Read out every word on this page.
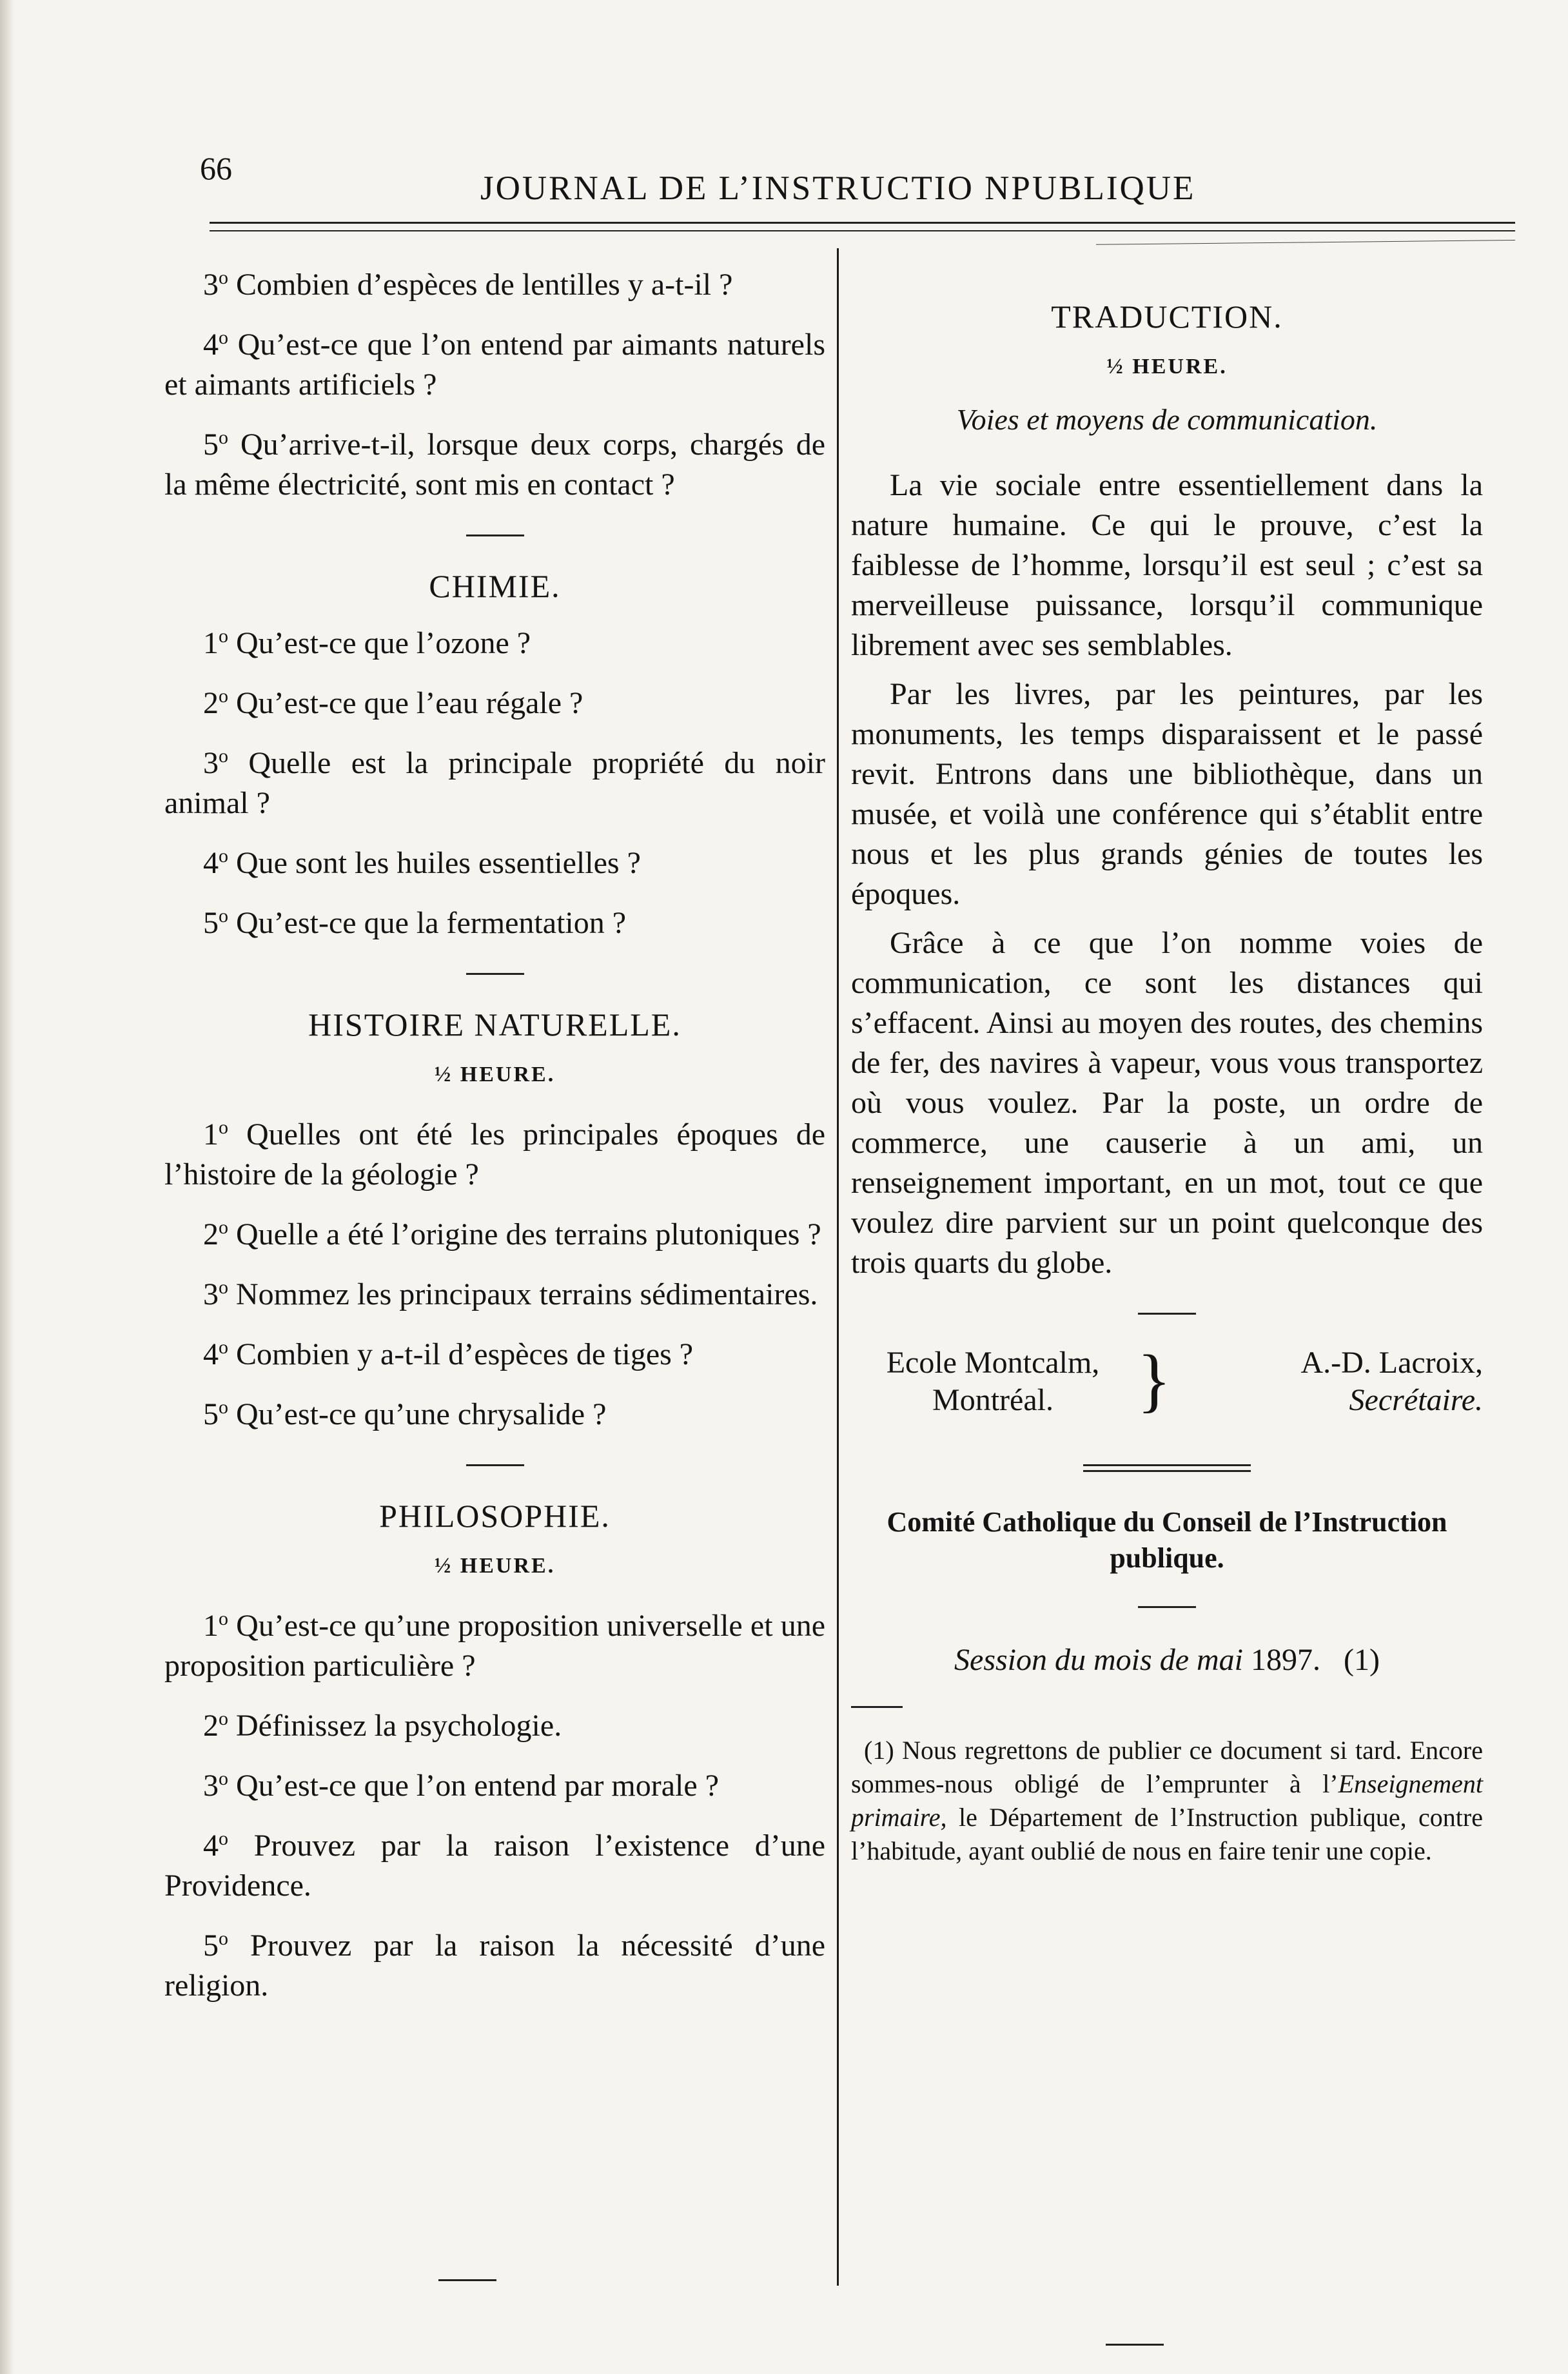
66
JOURNAL DE L’INSTRUCTIO NPUBLIQUE

3$^o$ Combien d’espèces de lentilles y a-t-il ?

4$^o$ Qu’est-ce que l’on entend par aimants naturels et aimants artificiels ?

5$^o$ Qu’arrive-t-il, lorsque deux corps, chargés de la même électricité, sont mis en contact ?

CHIMIE.

1$^o$ Qu’est-ce que l’ozone ?

2$^o$ Qu’est-ce que l’eau régale ?

3$^o$ Quelle est la principale propriété du noir animal ?

4$^o$ Que sont les huiles essentielles ?

5$^o$ Qu’est-ce que la fermentation ?

HISTOIRE NATURELLE.
½ HEURE.

1$^o$ Quelles ont été les principales époques de l’histoire de la géologie ?

2$^o$ Quelle a été l’origine des terrains plutoniques ?

3$^o$ Nommez les principaux terrains sédimentaires.

4$^o$ Combien y a-t-il d’espèces de tiges ?

5$^o$ Qu’est-ce qu’une chrysalide ?

PHILOSOPHIE.
½ HEURE.

1$^o$ Qu’est-ce qu’une proposition universelle et une proposition particulière ?

2$^o$ Définissez la psychologie.

3$^o$ Qu’est-ce que l’on entend par morale ?

4$^o$ Prouvez par la raison l’existence d’une Providence.

5$^o$ Prouvez par la raison la nécessité d’une religion.

TRADUCTION.
½ HEURE.
Voies et moyens de communication.

La vie sociale entre essentiellement dans la nature humaine. Ce qui le prouve, c’est la faiblesse de l’homme, lorsqu’il est seul ; c’est sa merveilleuse puissance, lorsqu’il communique librement avec ses semblables.

Par les livres, par les peintures, par les monuments, les temps disparaissent et le passé revit. Entrons dans une bibliothèque, dans un musée, et voilà une conférence qui s’établit entre nous et les plus grands génies de toutes les époques.

Grâce à ce que l’on nomme voies de communication, ce sont les distances qui s’effacent. Ainsi au moyen des routes, des chemins de fer, des navires à vapeur, vous vous transportez où vous voulez. Par la poste, un ordre de commerce, une causerie à un ami, un renseignement important, en un mot, tout ce que voulez dire parvient sur un point quelconque des trois quarts du globe.

Ecole Montcalm,
Montréal.	}	A.-D. Lacroix,
Secrétaire.
Comité Catholique du Conseil de l’Instruction publique.
Session du mois de mai 1897. (1)

(1) Nous regrettons de publier ce document si tard. Encore sommes-nous obligé de l’emprunter à l’Enseignement primaire, le Département de l’Instruction publique, contre l’habitude, ayant oublié de nous en faire tenir une copie.
